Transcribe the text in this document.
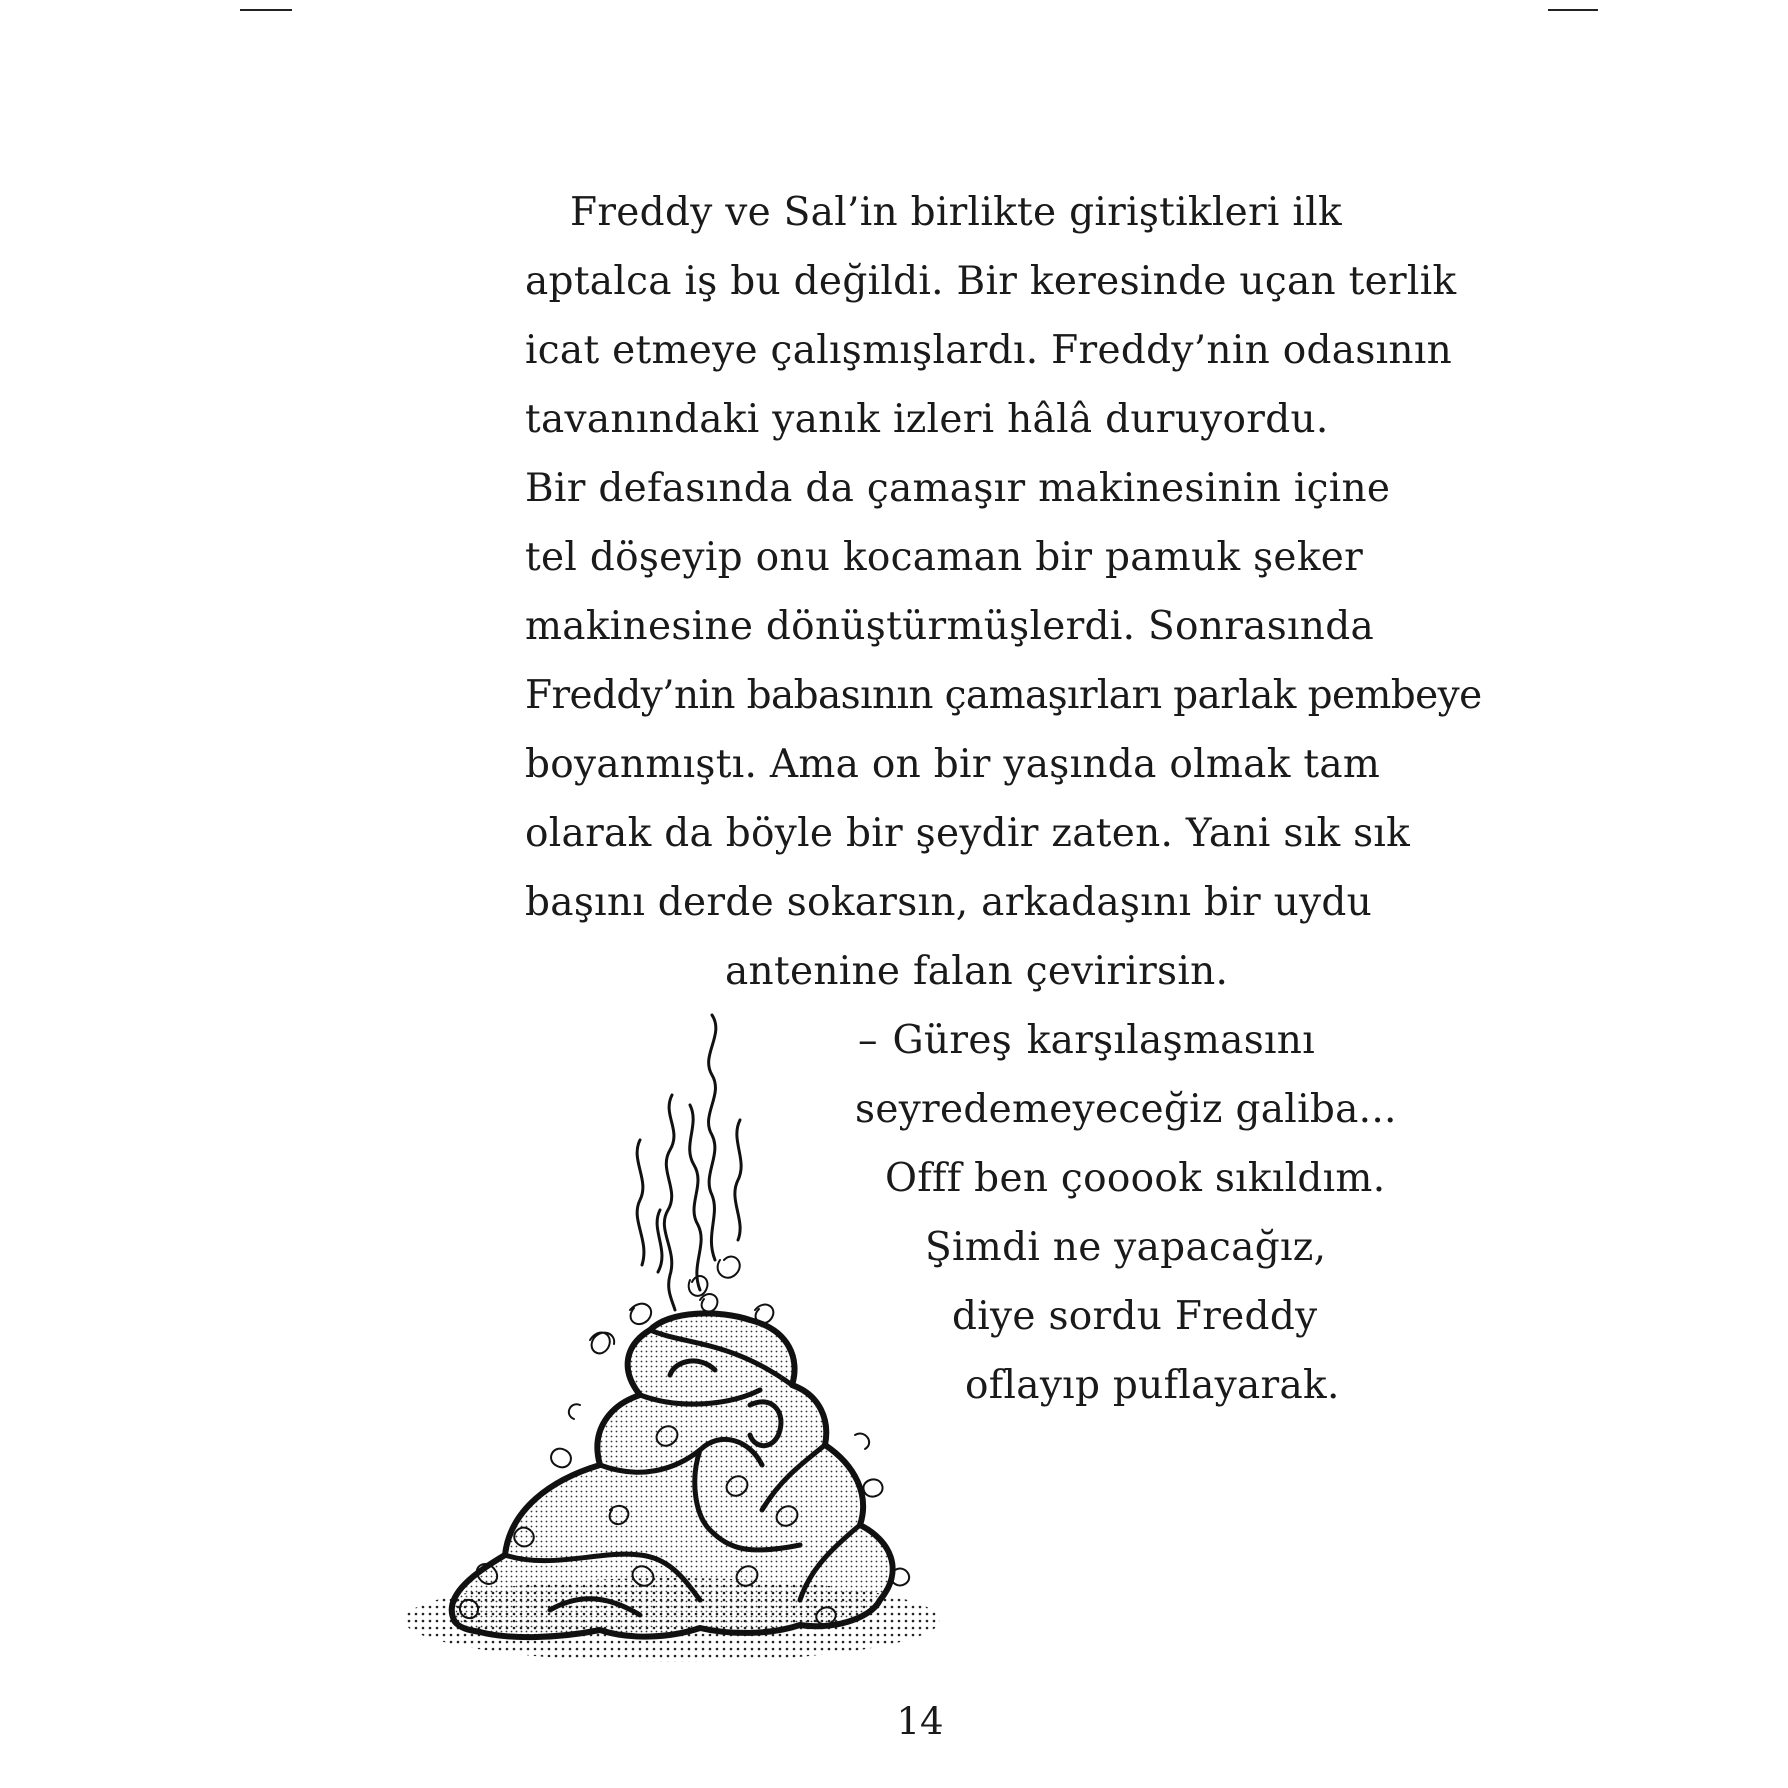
Freddy ve Sal’in birlikte giriştikleri ilk
aptalca iş bu değildi. Bir keresinde uçan terlik
icat etmeye çalışmışlardı. Freddy’nin odasının
tavanındaki yanık izleri hâlâ duruyordu.
Bir defasında da çamaşır makinesinin içine
tel döşeyip onu kocaman bir pamuk şeker
makinesine dönüştürmüşlerdi. Sonrasında
Freddy’nin babasının çamaşırları parlak pembeye
boyanmıştı. Ama on bir yaşında olmak tam
olarak da böyle bir şeydir zaten. Yani sık sık
başını derde sokarsın, arkadaşını bir uydu
antenine falan çevirirsin.
– Güreş karşılaşmasını
seyredemeyeceğiz galiba...
Offf ben çooook sıkıldım.
Şimdi ne yapacağız,
diye sordu Freddy
oflayıp puflayarak.
14
